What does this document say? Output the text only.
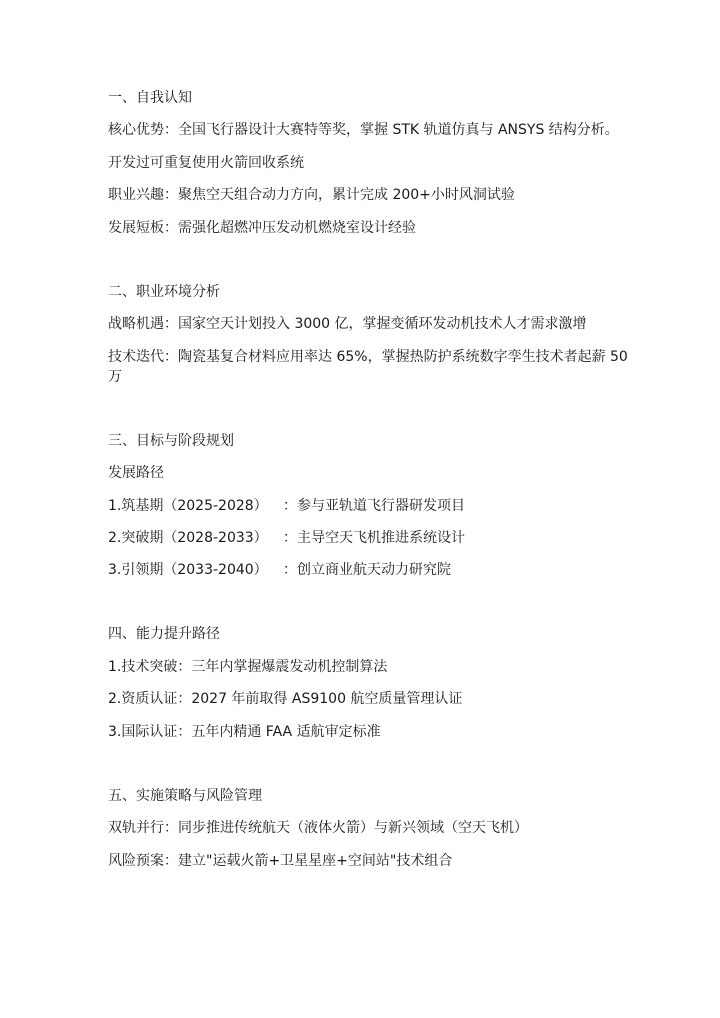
一、自我认知
核心优势：全国飞行器设计大赛特等奖，掌握 STK 轨道仿真与 ANSYS 结构分析。
开发过可重复使用火箭回收系统
职业兴趣：聚焦空天组合动力方向，累计完成 200+小时风洞试验
发展短板：需强化超燃冲压发动机燃烧室设计经验
二、职业环境分析
战略机遇：国家空天计划投入 3000 亿，掌握变循环发动机技术人才需求激增
技术迭代：陶瓷基复合材料应用率达 65%，掌握热防护系统数字孪生技术者起薪 50 万
三、目标与阶段规划
发展路径
1.筑基期（2025-2028）	：参与亚轨道飞行器研发项目
2.突破期（2028-2033）	：主导空天飞机推进系统设计
3.引领期（2033-2040）	：创立商业航天动力研究院
四、能力提升路径
1.技术突破：三年内掌握爆震发动机控制算法
2.资质认证：2027 年前取得 AS9100 航空质量管理认证
3.国际认证：五年内精通 FAA 适航审定标准
五、实施策略与风险管理
双轨并行：同步推进传统航天（液体火箭）与新兴领域（空天飞机）
风险预案：建立"运载火箭+卫星星座+空间站"技术组合
